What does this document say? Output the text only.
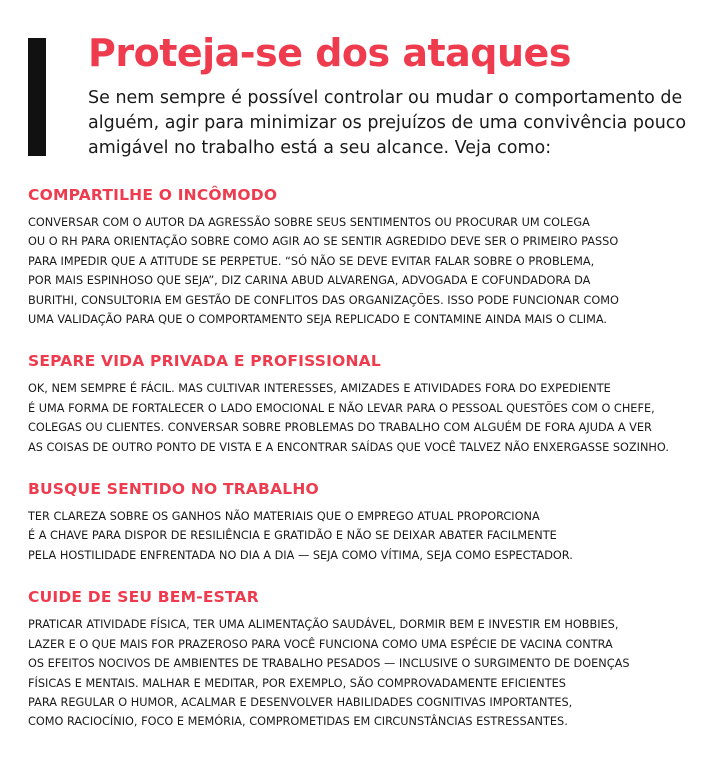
Proteja-se dos ataques

Se nem sempre é possível controlar ou mudar o comportamento de alguém, agir para minimizar os prejuízos de uma convivência pouco amigável no trabalho está a seu alcance. Veja como:

COMPARTILHE O INCÔMODO
CONVERSAR COM O AUTOR DA AGRESSÃO SOBRE SEUS SENTIMENTOS OU PROCURAR UM COLEGA
OU O RH PARA ORIENTAÇÃO SOBRE COMO AGIR AO SE SENTIR AGREDIDO DEVE SER O PRIMEIRO PASSO
PARA IMPEDIR QUE A ATITUDE SE PERPETUE. “SÓ NÃO SE DEVE EVITAR FALAR SOBRE O PROBLEMA,
POR MAIS ESPINHOSO QUE SEJA”, DIZ CARINA ABUD ALVARENGA, ADVOGADA E COFUNDADORA DA
BURITHI, CONSULTORIA EM GESTÃO DE CONFLITOS DAS ORGANIZAÇÕES. ISSO PODE FUNCIONAR COMO
UMA VALIDAÇÃO PARA QUE O COMPORTAMENTO SEJA REPLICADO E CONTAMINE AINDA MAIS O CLIMA.
SEPARE VIDA PRIVADA E PROFISSIONAL
OK, NEM SEMPRE É FÁCIL. MAS CULTIVAR INTERESSES, AMIZADES E ATIVIDADES FORA DO EXPEDIENTE
É UMA FORMA DE FORTALECER O LADO EMOCIONAL E NÃO LEVAR PARA O PESSOAL QUESTÕES COM O CHEFE,
COLEGAS OU CLIENTES. CONVERSAR SOBRE PROBLEMAS DO TRABALHO COM ALGUÉM DE FORA AJUDA A VER
AS COISAS DE OUTRO PONTO DE VISTA E A ENCONTRAR SAÍDAS QUE VOCÊ TALVEZ NÃO ENXERGASSE SOZINHO.
BUSQUE SENTIDO NO TRABALHO
TER CLAREZA SOBRE OS GANHOS NÃO MATERIAIS QUE O EMPREGO ATUAL PROPORCIONA
É A CHAVE PARA DISPOR DE RESILIÊNCIA E GRATIDÃO E NÃO SE DEIXAR ABATER FACILMENTE
PELA HOSTILIDADE ENFRENTADA NO DIA A DIA — SEJA COMO VÍTIMA, SEJA COMO ESPECTADOR.
CUIDE DE SEU BEM-ESTAR
PRATICAR ATIVIDADE FÍSICA, TER UMA ALIMENTAÇÃO SAUDÁVEL, DORMIR BEM E INVESTIR EM HOBBIES,
LAZER E O QUE MAIS FOR PRAZEROSO PARA VOCÊ FUNCIONA COMO UMA ESPÉCIE DE VACINA CONTRA
OS EFEITOS NOCIVOS DE AMBIENTES DE TRABALHO PESADOS — INCLUSIVE O SURGIMENTO DE DOENÇAS
FÍSICAS E MENTAIS. MALHAR E MEDITAR, POR EXEMPLO, SÃO COMPROVADAMENTE EFICIENTES
PARA REGULAR O HUMOR, ACALMAR E DESENVOLVER HABILIDADES COGNITIVAS IMPORTANTES,
COMO RACIOCÍNIO, FOCO E MEMÓRIA, COMPROMETIDAS EM CIRCUNSTÂNCIAS ESTRESSANTES.
